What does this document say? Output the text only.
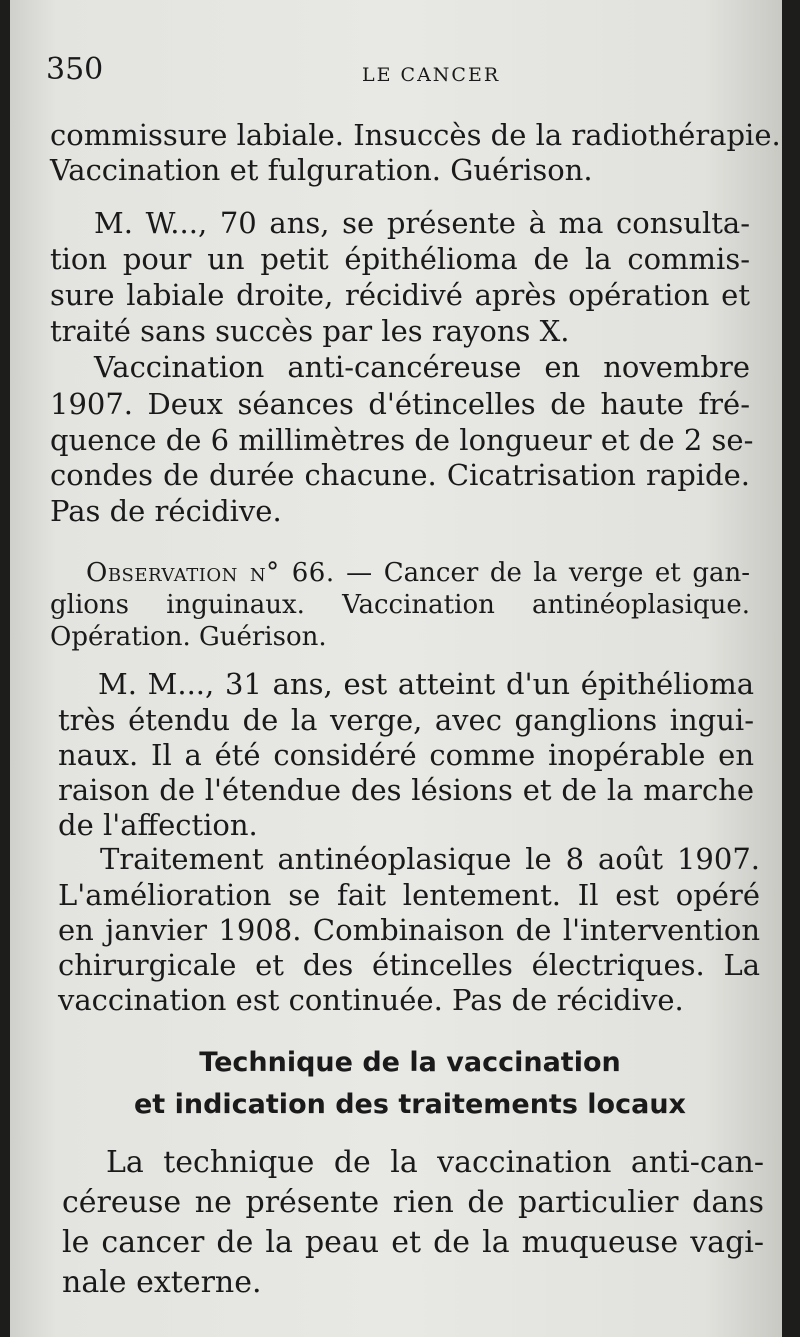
350	LE CANCER
commissure labiale. Insuccès de la radiothérapie.
Vaccination et fulguration. Guérison.
M. W..., 70 ans, se présente à ma consulta-
tion pour un petit épithélioma de la commis-
sure labiale droite, récidivé après opération et
traité sans succès par les rayons X.
Vaccination anti-cancéreuse en novembre
1907. Deux séances d'étincelles de haute fré-
quence de 6 millimètres de longueur et de 2 se-
condes de durée chacune. Cicatrisation rapide.
Pas de récidive.
Observation n° 66. — Cancer de la verge et gan-
glions inguinaux. Vaccination antinéoplasique.
Opération. Guérison.
M. M..., 31 ans, est atteint d'un épithélioma
très étendu de la verge, avec ganglions ingui-
naux. Il a été considéré comme inopérable en
raison de l'étendue des lésions et de la marche
de l'affection.
Traitement antinéoplasique le 8 août 1907.
L'amélioration se fait lentement. Il est opéré
en janvier 1908. Combinaison de l'intervention
chirurgicale et des étincelles électriques. La
vaccination est continuée. Pas de récidive.
Technique de la vaccination
et indication des traitements locaux
La technique de la vaccination anti-can-
céreuse ne présente rien de particulier dans
le cancer de la peau et de la muqueuse vagi-
nale externe.
